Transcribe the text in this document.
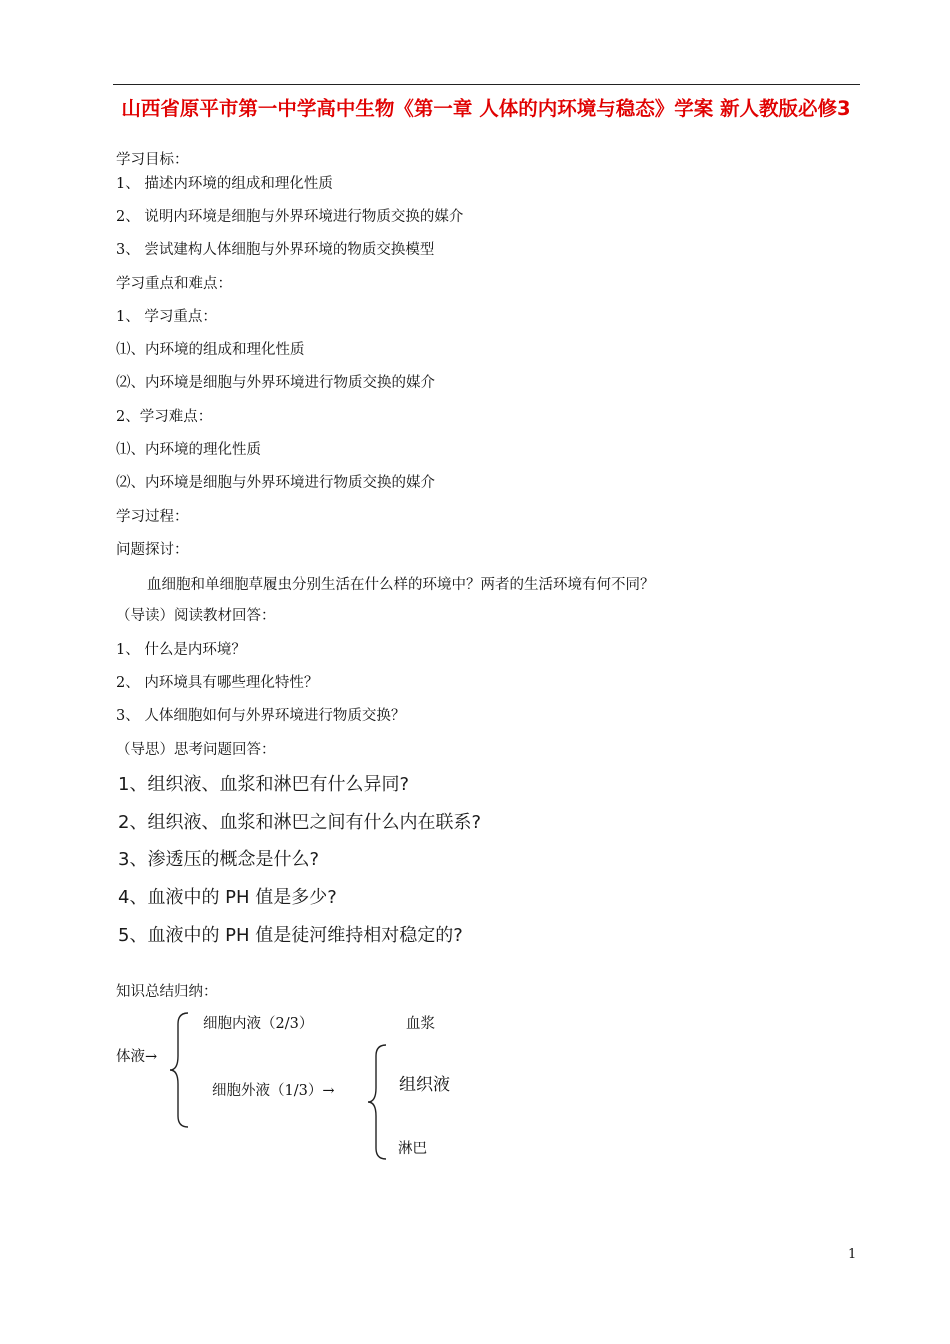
山西省原平市第一中学高中生物《第一章 人体的内环境与稳态》学案 新人教版必修3
学习目标：
1、 描述内环境的组成和理化性质
2、 说明内环境是细胞与外界环境进行物质交换的媒介
3、 尝试建构人体细胞与外界环境的物质交换模型
学习重点和难点：
1、 学习重点：
⑴、内环境的组成和理化性质
⑵、内环境是细胞与外界环境进行物质交换的媒介
2、学习难点：
⑴、内环境的理化性质
⑵、内环境是细胞与外界环境进行物质交换的媒介
学习过程：
问题探讨：
血细胞和单细胞草履虫分别生活在什么样的环境中？两者的生活环境有何不同？
（导读）阅读教材回答：
1、 什么是内环境？
2、 内环境具有哪些理化特性？
3、 人体细胞如何与外界环境进行物质交换？
（导思）思考问题回答：
1、组织液、血浆和淋巴有什么异同?
2、组织液、血浆和淋巴之间有什么内在联系?
3、渗透压的概念是什么?
4、血液中的 PH 值是多少?
5、血液中的 PH 值是徒河维持相对稳定的?
知识总结归纳：
体液→
细胞内液（2/3）
细胞外液（1/3）→
血浆
组织液
淋巴
1
